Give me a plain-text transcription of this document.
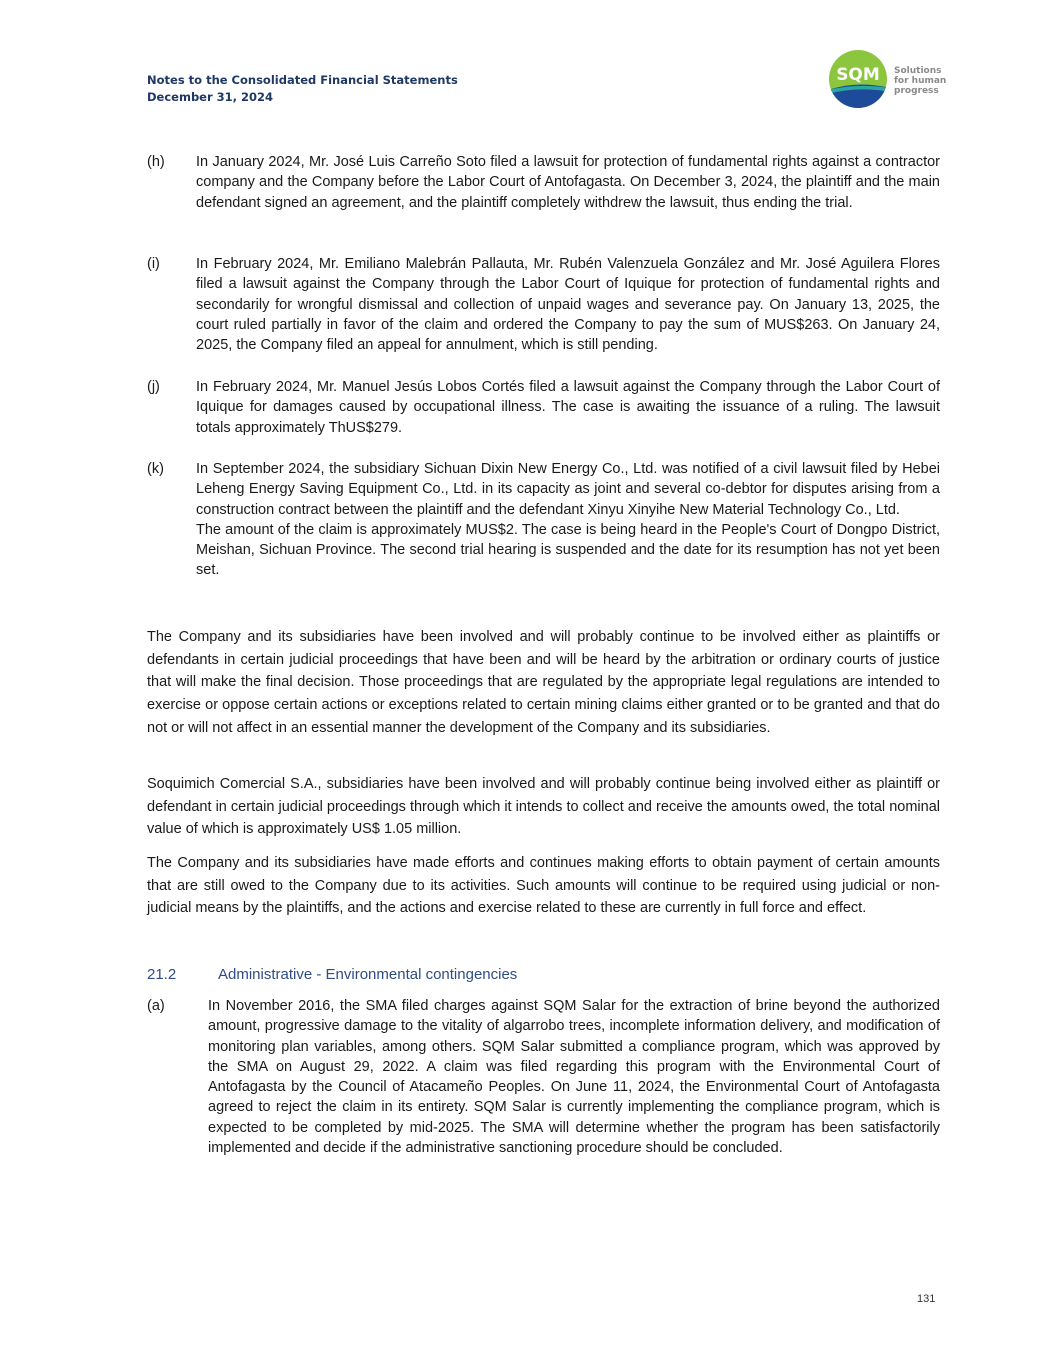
Notes to the Consolidated Financial Statements
December 31, 2024
SQM Solutions
for human
progress
(h) In January 2024, Mr. José Luis Carreño Soto filed a lawsuit for protection of fundamental rights against a contractor company and the Company before the Labor Court of Antofagasta. On December 3, 2024, the plaintiff and the main defendant signed an agreement, and the plaintiff completely withdrew the lawsuit, thus ending the trial.
(i) In February 2024, Mr. Emiliano Malebrán Pallauta, Mr. Rubén Valenzuela González and Mr. José Aguilera Flores filed a lawsuit against the Company through the Labor Court of Iquique for protection of fundamental rights and secondarily for wrongful dismissal and collection of unpaid wages and severance pay. On January 13, 2025, the court ruled partially in favor of the claim and ordered the Company to pay the sum of MUS$263. On January 24, 2025, the Company filed an appeal for annulment, which is still pending.
(j) In February 2024, Mr. Manuel Jesús Lobos Cortés filed a lawsuit against the Company through the Labor Court of Iquique for damages caused by occupational illness. The case is awaiting the issuance of a ruling. The lawsuit totals approximately ThUS$279.
(k) In September 2024, the subsidiary Sichuan Dixin New Energy Co., Ltd. was notified of a civil lawsuit filed by Hebei Leheng Energy Saving Equipment Co., Ltd. in its capacity as joint and several co-debtor for disputes arising from a construction contract between the plaintiff and the defendant Xinyu Xinyihe New Material Technology Co., Ltd.
The amount of the claim is approximately MUS$2. The case is being heard in the People's Court of Dongpo District, Meishan, Sichuan Province. The second trial hearing is suspended and the date for its resumption has not yet been set.

The Company and its subsidiaries have been involved and will probably continue to be involved either as plaintiffs or defendants in certain judicial proceedings that have been and will be heard by the arbitration or ordinary courts of justice that will make the final decision. Those proceedings that are regulated by the appropriate legal regulations are intended to exercise or oppose certain actions or exceptions related to certain mining claims either granted or to be granted and that do not or will not affect in an essential manner the development of the Company and its subsidiaries.

Soquimich Comercial S.A., subsidiaries have been involved and will probably continue being involved either as plaintiff or defendant in certain judicial proceedings through which it intends to collect and receive the amounts owed, the total nominal value of which is approximately US$ 1.05 million.

The Company and its subsidiaries have made efforts and continues making efforts to obtain payment of certain amounts that are still owed to the Company due to its activities. Such amounts will continue to be required using judicial or non-judicial means by the plaintiffs, and the actions and exercise related to these are currently in full force and effect.

21.2	Administrative - Environmental contingencies
(a)	In November 2016, the SMA filed charges against SQM Salar for the extraction of brine beyond the authorized amount, progressive damage to the vitality of algarrobo trees, incomplete information delivery, and modification of monitoring plan variables, among others. SQM Salar submitted a compliance program, which was approved by the SMA on August 29, 2022. A claim was filed regarding this program with the Environmental Court of Antofagasta by the Council of Atacameño Peoples. On June 11, 2024, the Environmental Court of Antofagasta agreed to reject the claim in its entirety. SQM Salar is currently implementing the compliance program, which is expected to be completed by mid-2025. The SMA will determine whether the program has been satisfactorily implemented and decide if the administrative sanctioning procedure should be concluded.
131
